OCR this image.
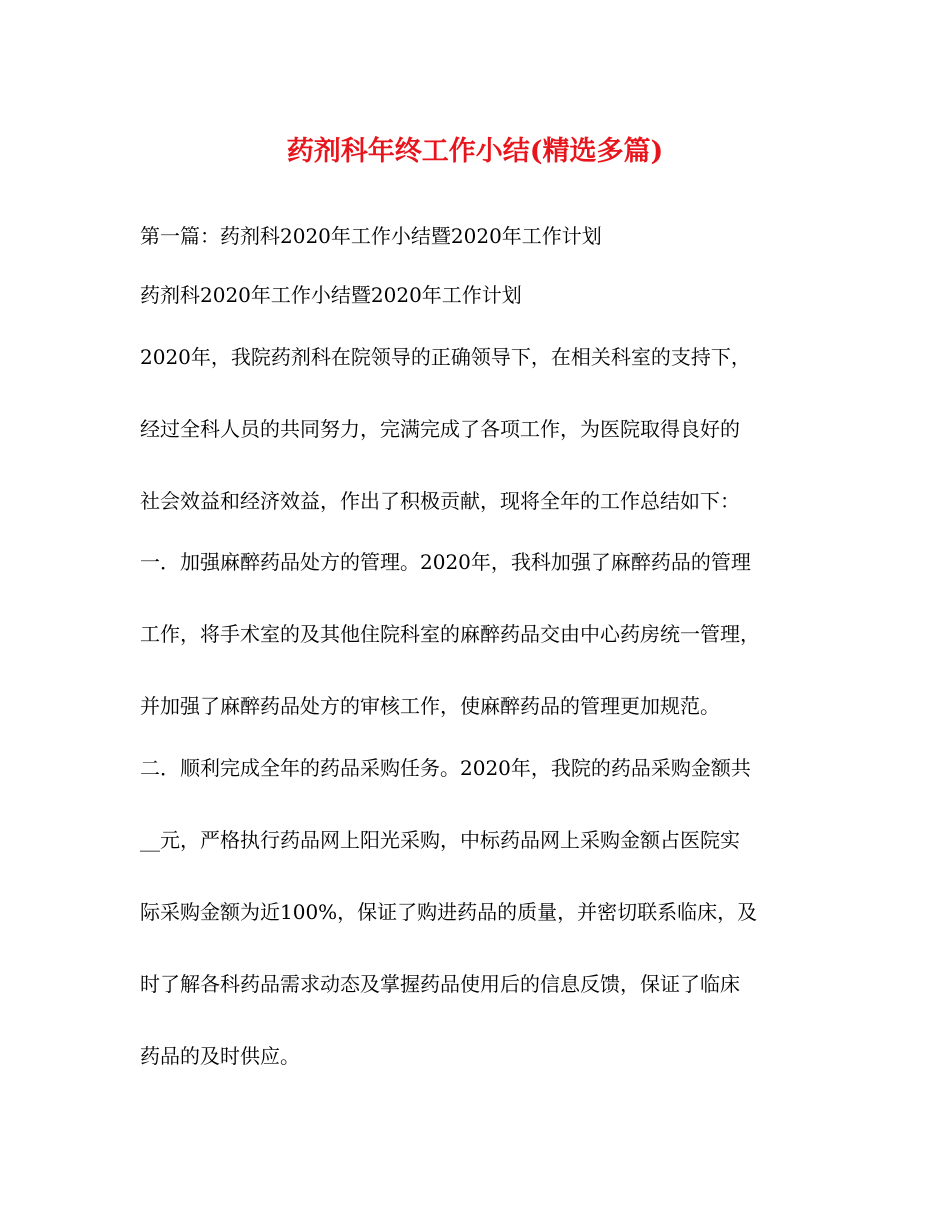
药剂科年终工作小结(精选多篇)
第一篇：药剂科2020年工作小结暨2020年工作计划
药剂科2020年工作小结暨2020年工作计划
2020年，我院药剂科在院领导的正确领导下，在相关科室的支持下，
经过全科人员的共同努力，完满完成了各项工作，为医院取得良好的
社会效益和经济效益，作出了积极贡献，现将全年的工作总结如下：
一．加强麻醉药品处方的管理。2020年，我科加强了麻醉药品的管理
工作，将手术室的及其他住院科室的麻醉药品交由中心药房统一管理，
并加强了麻醉药品处方的审核工作，使麻醉药品的管理更加规范。
二．顺利完成全年的药品采购任务。2020年，我院的药品采购金额共
__元，严格执行药品网上阳光采购，中标药品网上采购金额占医院实
际采购金额为近100%，保证了购进药品的质量，并密切联系临床，及
时了解各科药品需求动态及掌握药品使用后的信息反馈，保证了临床
药品的及时供应。
